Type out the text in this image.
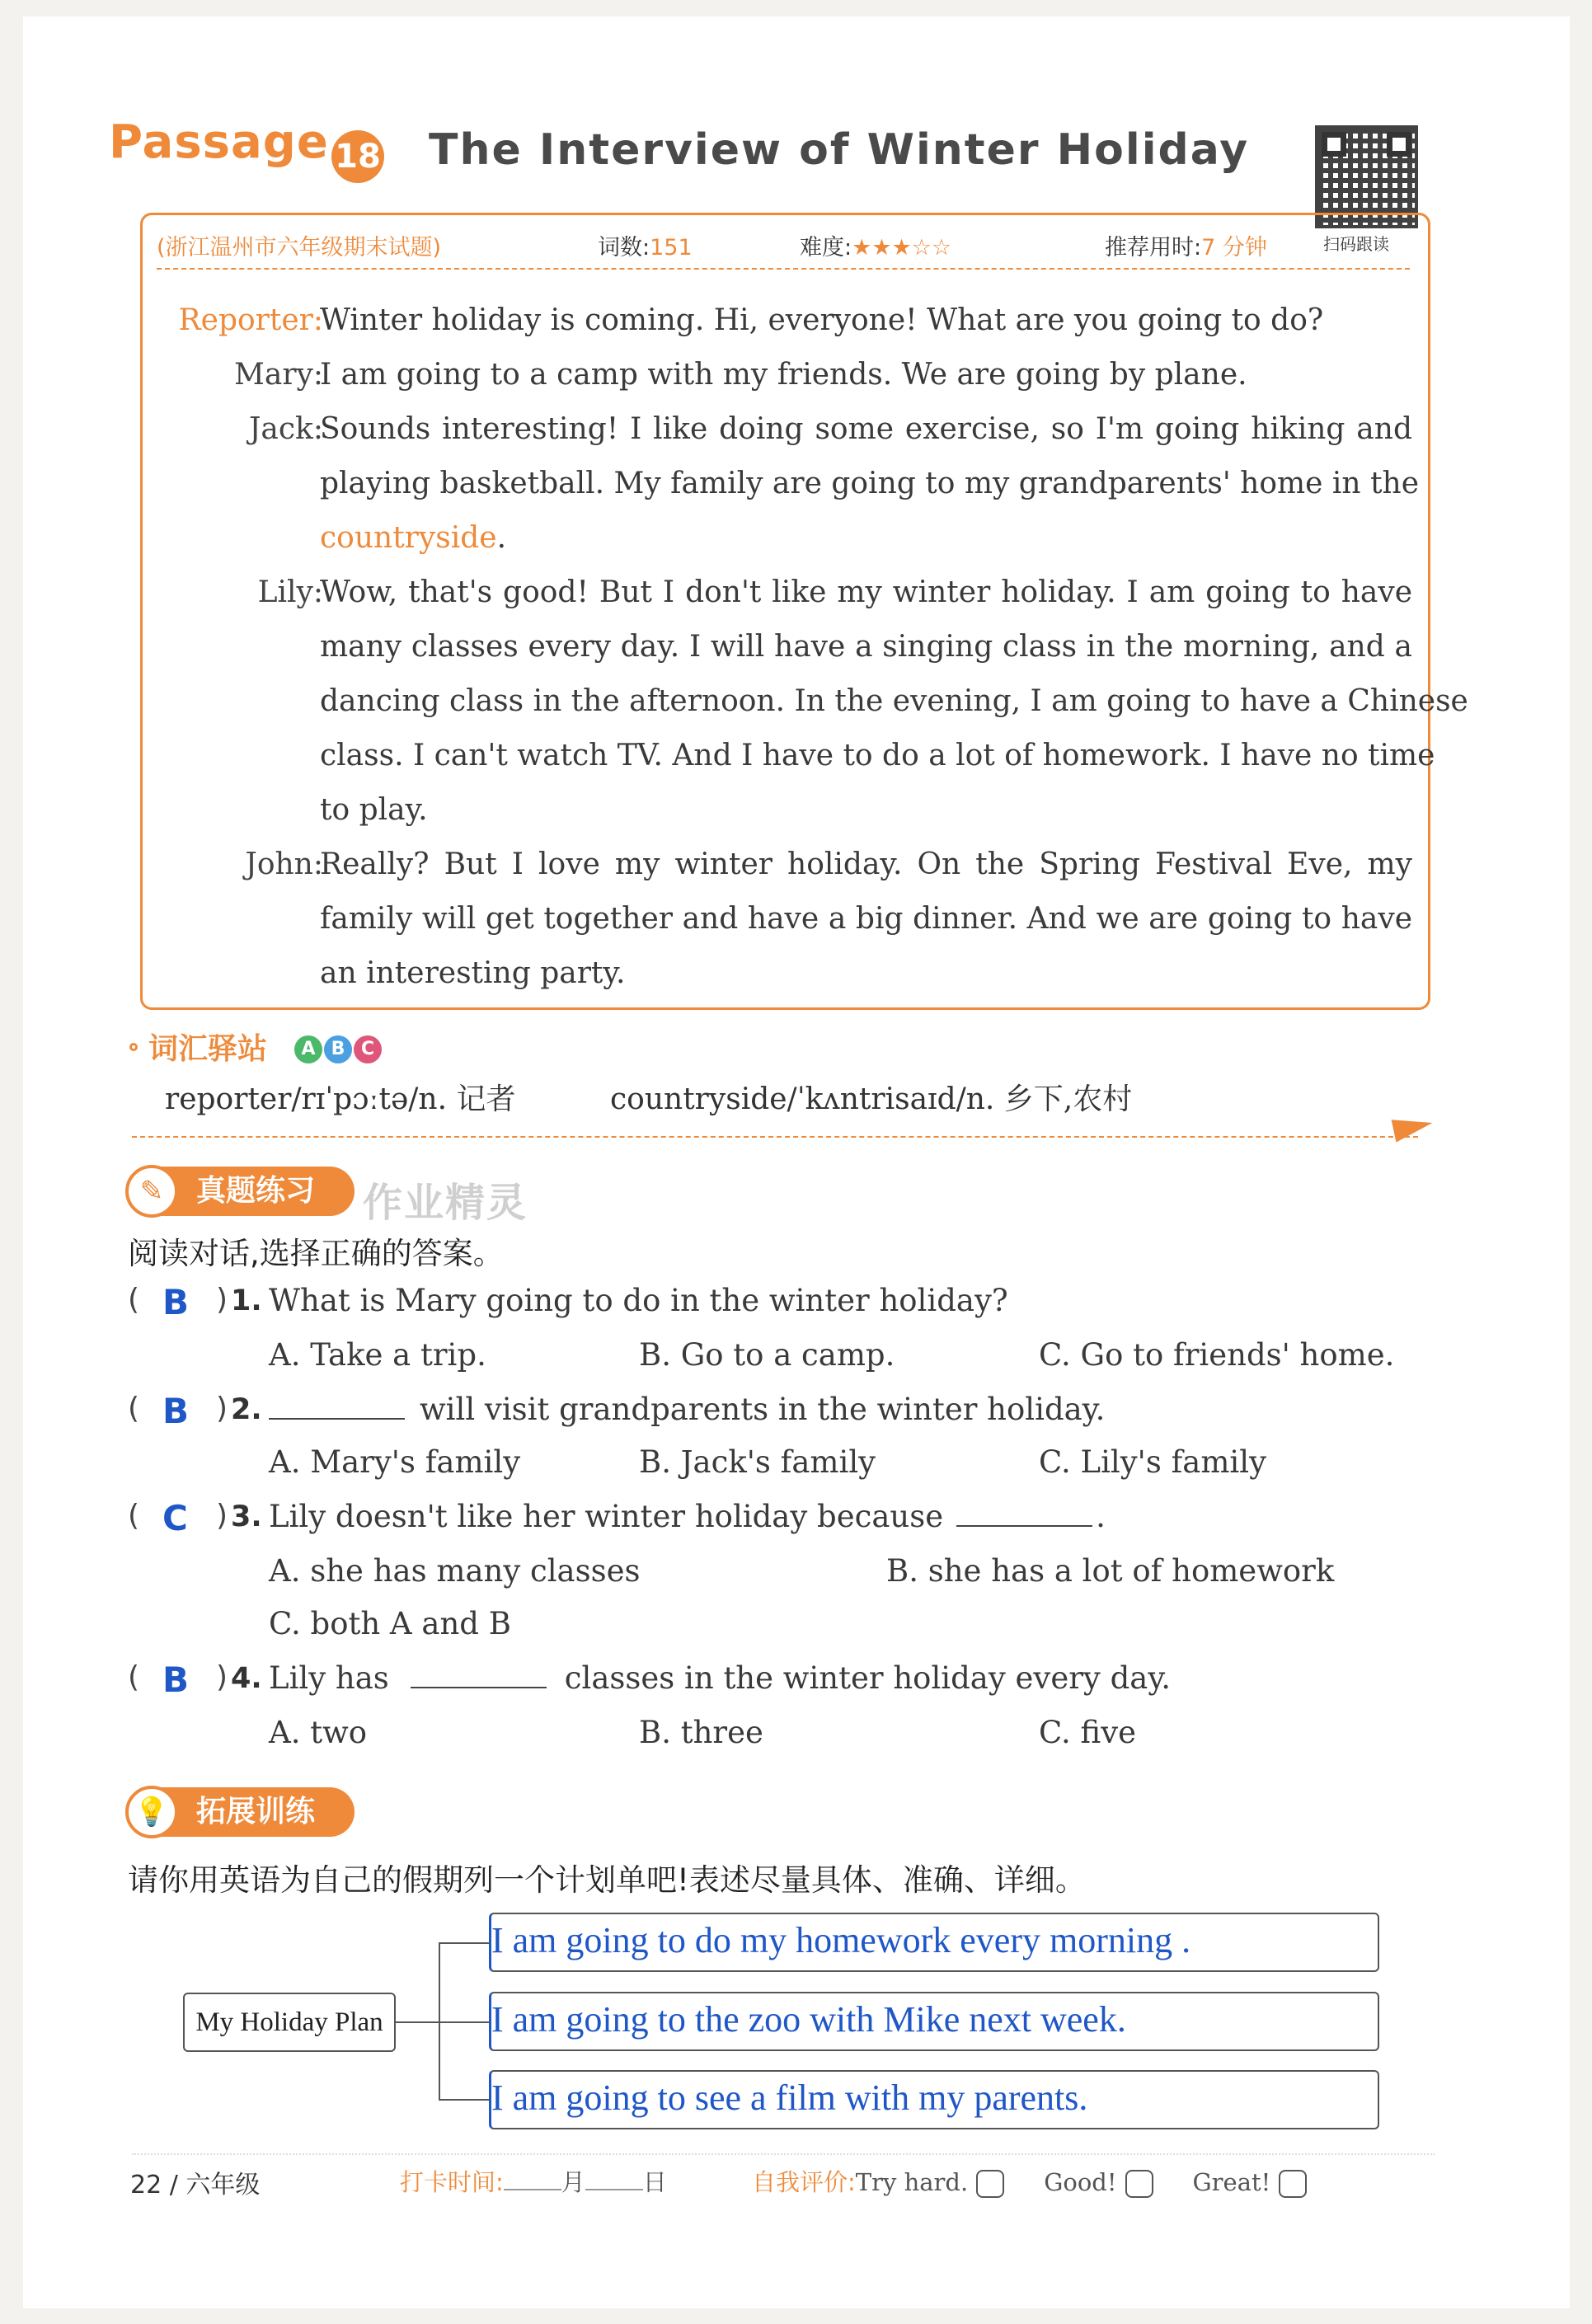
Passage 18 The Interview of Winter Holiday
扫码跟读
(浙江温州市六年级期末试题)	词数:151	难度:★★★☆☆	推荐用时:7 分钟
Reporter:
Winter holiday is coming. Hi, everyone! What are you going to do?
Mary:
I am going to a camp with my friends. We are going by plane.
Jack:
Sounds interesting! I like doing some exercise, so I'm going hiking and
playing basketball. My family are going to my grandparents' home in the
countryside.
Lily:
Wow, that's good! But I don't like my winter holiday. I am going to have
many classes every day. I will have a singing class in the morning, and a
dancing class in the afternoon. In the evening, I am going to have a Chinese
class. I can't watch TV. And I have to do a lot of homework. I have no time
to play.
John:
Really? But I love my winter holiday. On the Spring Festival Eve, my
family will get together and have a big dinner. And we are going to have
an interesting party.
词汇驿站	A B C
reporter/rɪˈpɔːtə/n. 记者	countryside/ˈkʌntrisaɪd/n. 乡下,农村
真题练习
✎	作业精灵
阅读对话,选择正确的答案。
( B ) 1. What is Mary going to do in the winter holiday?
A. Take a trip.	B. Go to a camp.	C. Go to friends' home.
( B ) 2.	will visit grandparents in the winter holiday.
A. Mary's family	B. Jack's family	C. Lily's family
( C ) 3. Lily doesn't like her winter holiday because	.
A. she has many classes	B. she has a lot of homework
C. both A and B
( B ) 4. Lily has	classes in the winter holiday every day.
A. two	B. three	C. five
拓展训练
💡
请你用英语为自己的假期列一个计划单吧!表述尽量具体、准确、详细。
My Holiday Plan
I am going to do my homework every morning .
I am going to the zoo with Mike next week.
I am going to see a film with my parents.
22 / 六年级	打卡时间: 月 日	自我评价:Try hard.	Good!	Great!
